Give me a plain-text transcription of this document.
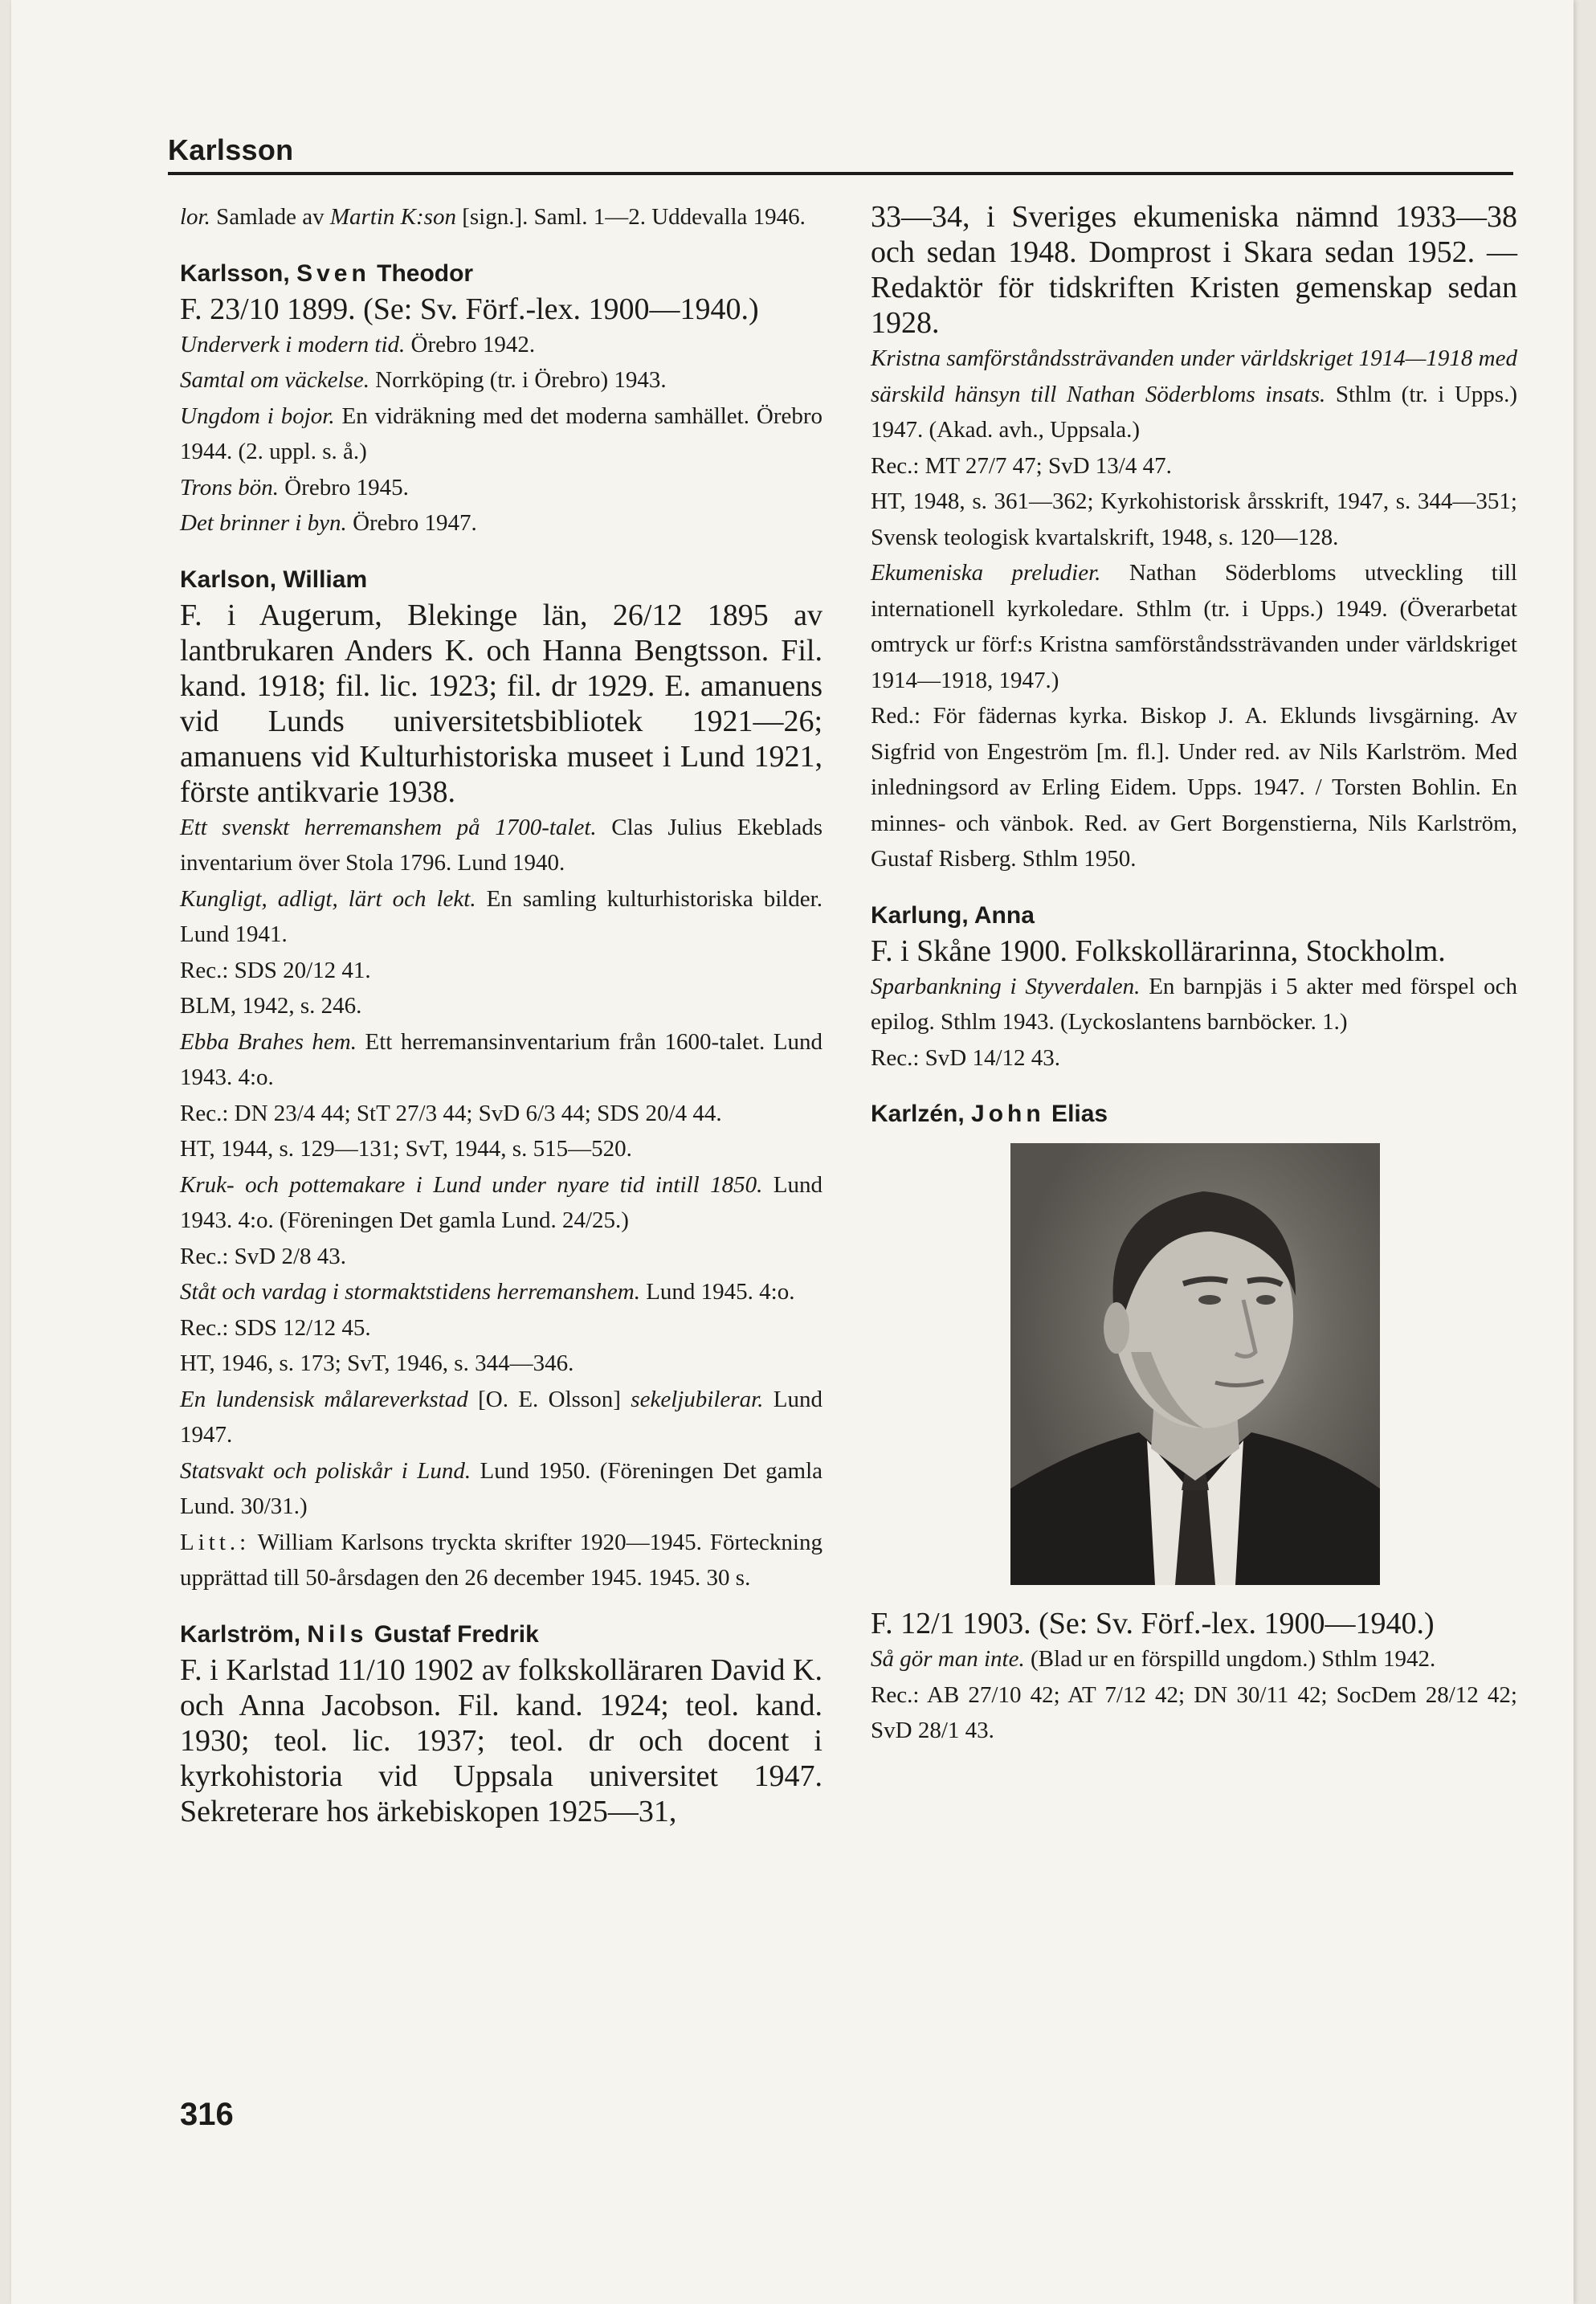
Karlsson

lor. Samlade av Martin K:son [sign.]. Saml. 1—2. Uddevalla 1946.

Karlsson, Sven Theodor

F. 23/10 1899. (Se: Sv. Förf.-lex. 1900—1940.)

Underverk i modern tid. Örebro 1942.

Samtal om väckelse. Norrköping (tr. i Örebro) 1943.

Ungdom i bojor. En vidräkning med det moderna samhället. Örebro 1944. (2. uppl. s. å.)

Trons bön. Örebro 1945.

Det brinner i byn. Örebro 1947.

Karlson, William

F. i Augerum, Blekinge län, 26/12 1895 av lantbrukaren Anders K. och Hanna Bengtsson. Fil. kand. 1918; fil. lic. 1923; fil. dr 1929. E. amanuens vid Lunds universitetsbibliotek 1921—26; amanuens vid Kulturhistoriska museet i Lund 1921, förste antikvarie 1938.

Ett svenskt herremanshem på 1700-talet. Clas Julius Ekeblads inventarium över Stola 1796. Lund 1940.

Kungligt, adligt, lärt och lekt. En samling kulturhistoriska bilder. Lund 1941.

Rec.: SDS 20/12 41.

BLM, 1942, s. 246.

Ebba Brahes hem. Ett herremansinventarium från 1600-talet. Lund 1943. 4:o.

Rec.: DN 23/4 44; StT 27/3 44; SvD 6/3 44; SDS 20/4 44.

HT, 1944, s. 129—131; SvT, 1944, s. 515—520.

Kruk- och pottemakare i Lund under nyare tid intill 1850. Lund 1943. 4:o. (Föreningen Det gamla Lund. 24/25.)

Rec.: SvD 2/8 43.

Ståt och vardag i stormaktstidens herremanshem. Lund 1945. 4:o.

Rec.: SDS 12/12 45.

HT, 1946, s. 173; SvT, 1946, s. 344—346.

En lundensisk målareverkstad [O. E. Olsson] sekeljubilerar. Lund 1947.

Statsvakt och poliskår i Lund. Lund 1950. (Föreningen Det gamla Lund. 30/31.)

Litt.: William Karlsons tryckta skrifter 1920—1945. Förteckning upprättad till 50-årsdagen den 26 december 1945. 1945. 30 s.

Karlström, Nils Gustaf Fredrik

F. i Karlstad 11/10 1902 av folkskolläraren David K. och Anna Jacobson. Fil. kand. 1924; teol. kand. 1930; teol. lic. 1937; teol. dr och docent i kyrkohistoria vid Uppsala universitet 1947. Sekreterare hos ärkebiskopen 1925—31,

33—34, i Sveriges ekumeniska nämnd 1933—38 och sedan 1948. Domprost i Skara sedan 1952. — Redaktör för tidskriften Kristen gemenskap sedan 1928.

Kristna samförståndssträvanden under världskriget 1914—1918 med särskild hänsyn till Nathan Söderbloms insats. Sthlm (tr. i Upps.) 1947. (Akad. avh., Uppsala.)

Rec.: MT 27/7 47; SvD 13/4 47.

HT, 1948, s. 361—362; Kyrkohistorisk årsskrift, 1947, s. 344—351; Svensk teologisk kvartalskrift, 1948, s. 120—128.

Ekumeniska preludier. Nathan Söderbloms utveckling till internationell kyrkoledare. Sthlm (tr. i Upps.) 1949. (Överarbetat omtryck ur förf:s Kristna samförståndssträvanden under världskriget 1914—1918, 1947.)

Red.: För fädernas kyrka. Biskop J. A. Eklunds livsgärning. Av Sigfrid von Engeström [m. fl.]. Under red. av Nils Karlström. Med inledningsord av Erling Eidem. Upps. 1947. / Torsten Bohlin. En minnes- och vänbok. Red. av Gert Borgenstierna, Nils Karlström, Gustaf Risberg. Sthlm 1950.

Karlung, Anna

F. i Skåne 1900. Folkskollärarinna, Stockholm.

Sparbankning i Styverdalen. En barnpjäs i 5 akter med förspel och epilog. Sthlm 1943. (Lyckoslantens barnböcker. 1.)

Rec.: SvD 14/12 43.

Karlzén, John Elias

F. 12/1 1903. (Se: Sv. Förf.-lex. 1900—1940.)

Så gör man inte. (Blad ur en förspilld ungdom.) Sthlm 1942.

Rec.: AB 27/10 42; AT 7/12 42; DN 30/11 42; SocDem 28/12 42; SvD 28/1 43.

316
